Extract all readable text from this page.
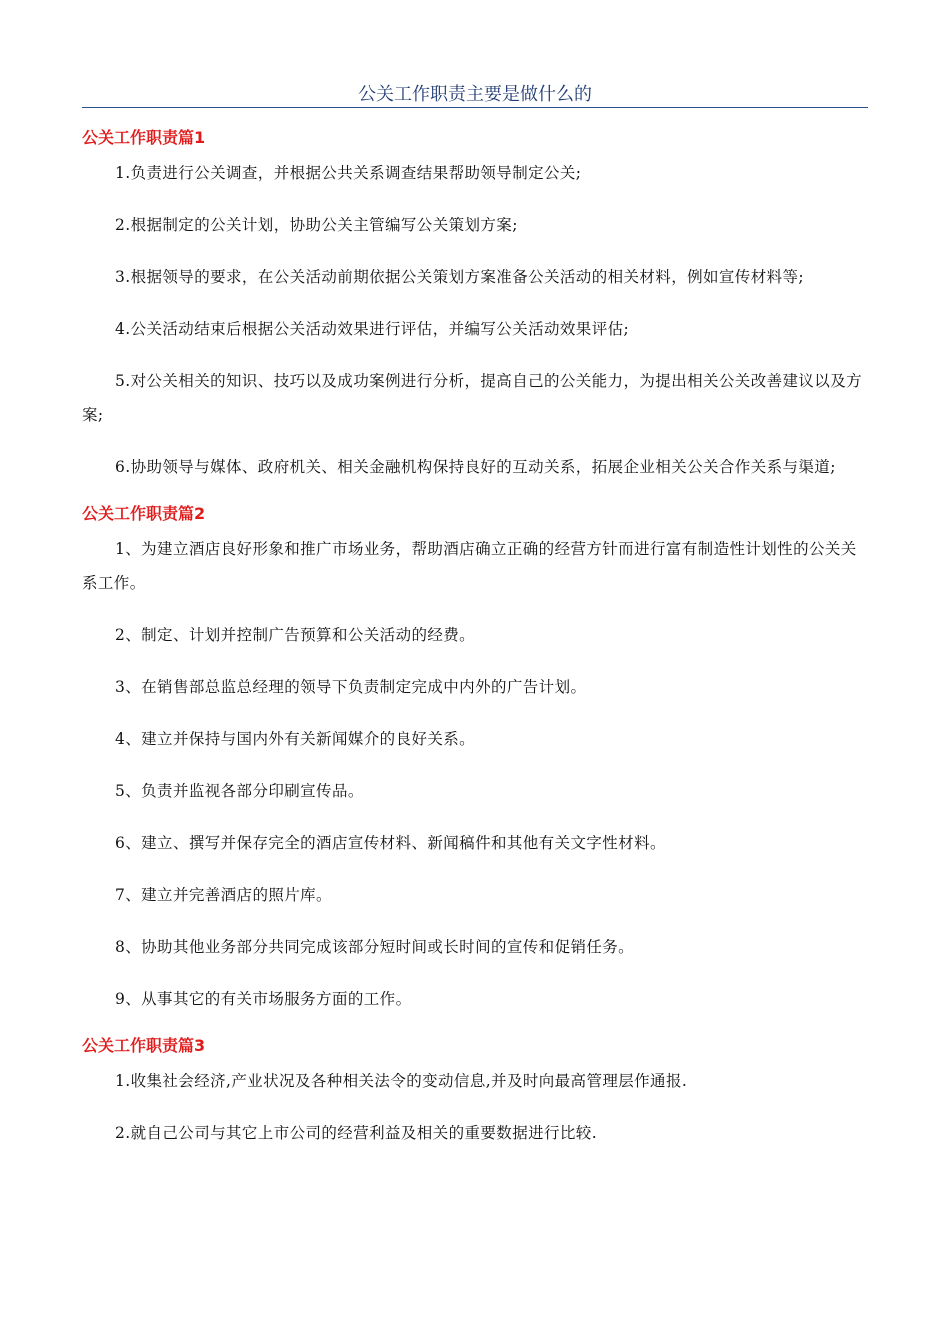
公关工作职责主要是做什么的
公关工作职责篇1

1.负责进行公关调查，并根据公共关系调查结果帮助领导制定公关;

2.根据制定的公关计划，协助公关主管编写公关策划方案;

3.根据领导的要求，在公关活动前期依据公关策划方案准备公关活动的相关材料，例如宣传材料等;

4.公关活动结束后根据公关活动效果进行评估，并编写公关活动效果评估;

5.对公关相关的知识、技巧以及成功案例进行分析，提高自己的公关能力，为提出相关公关改善建议以及方案;

6.协助领导与媒体、政府机关、相关金融机构保持良好的互动关系，拓展企业相关公关合作关系与渠道;

公关工作职责篇2

1、为建立酒店良好形象和推广市场业务，帮助酒店确立正确的经营方针而进行富有制造性计划性的公关关系工作。

2、制定、计划并控制广告预算和公关活动的经费。

3、在销售部总监总经理的领导下负责制定完成中内外的广告计划。

4、建立并保持与国内外有关新闻媒介的良好关系。

5、负责并监视各部分印刷宣传品。

6、建立、撰写并保存完全的酒店宣传材料、新闻稿件和其他有关文字性材料。

7、建立并完善酒店的照片库。

8、协助其他业务部分共同完成该部分短时间或长时间的宣传和促销任务。

9、从事其它的有关市场服务方面的工作。

公关工作职责篇3

1.收集社会经济,产业状况及各种相关法令的变动信息,并及时向最高管理层作通报.

2.就自己公司与其它上市公司的经营利益及相关的重要数据进行比较.
